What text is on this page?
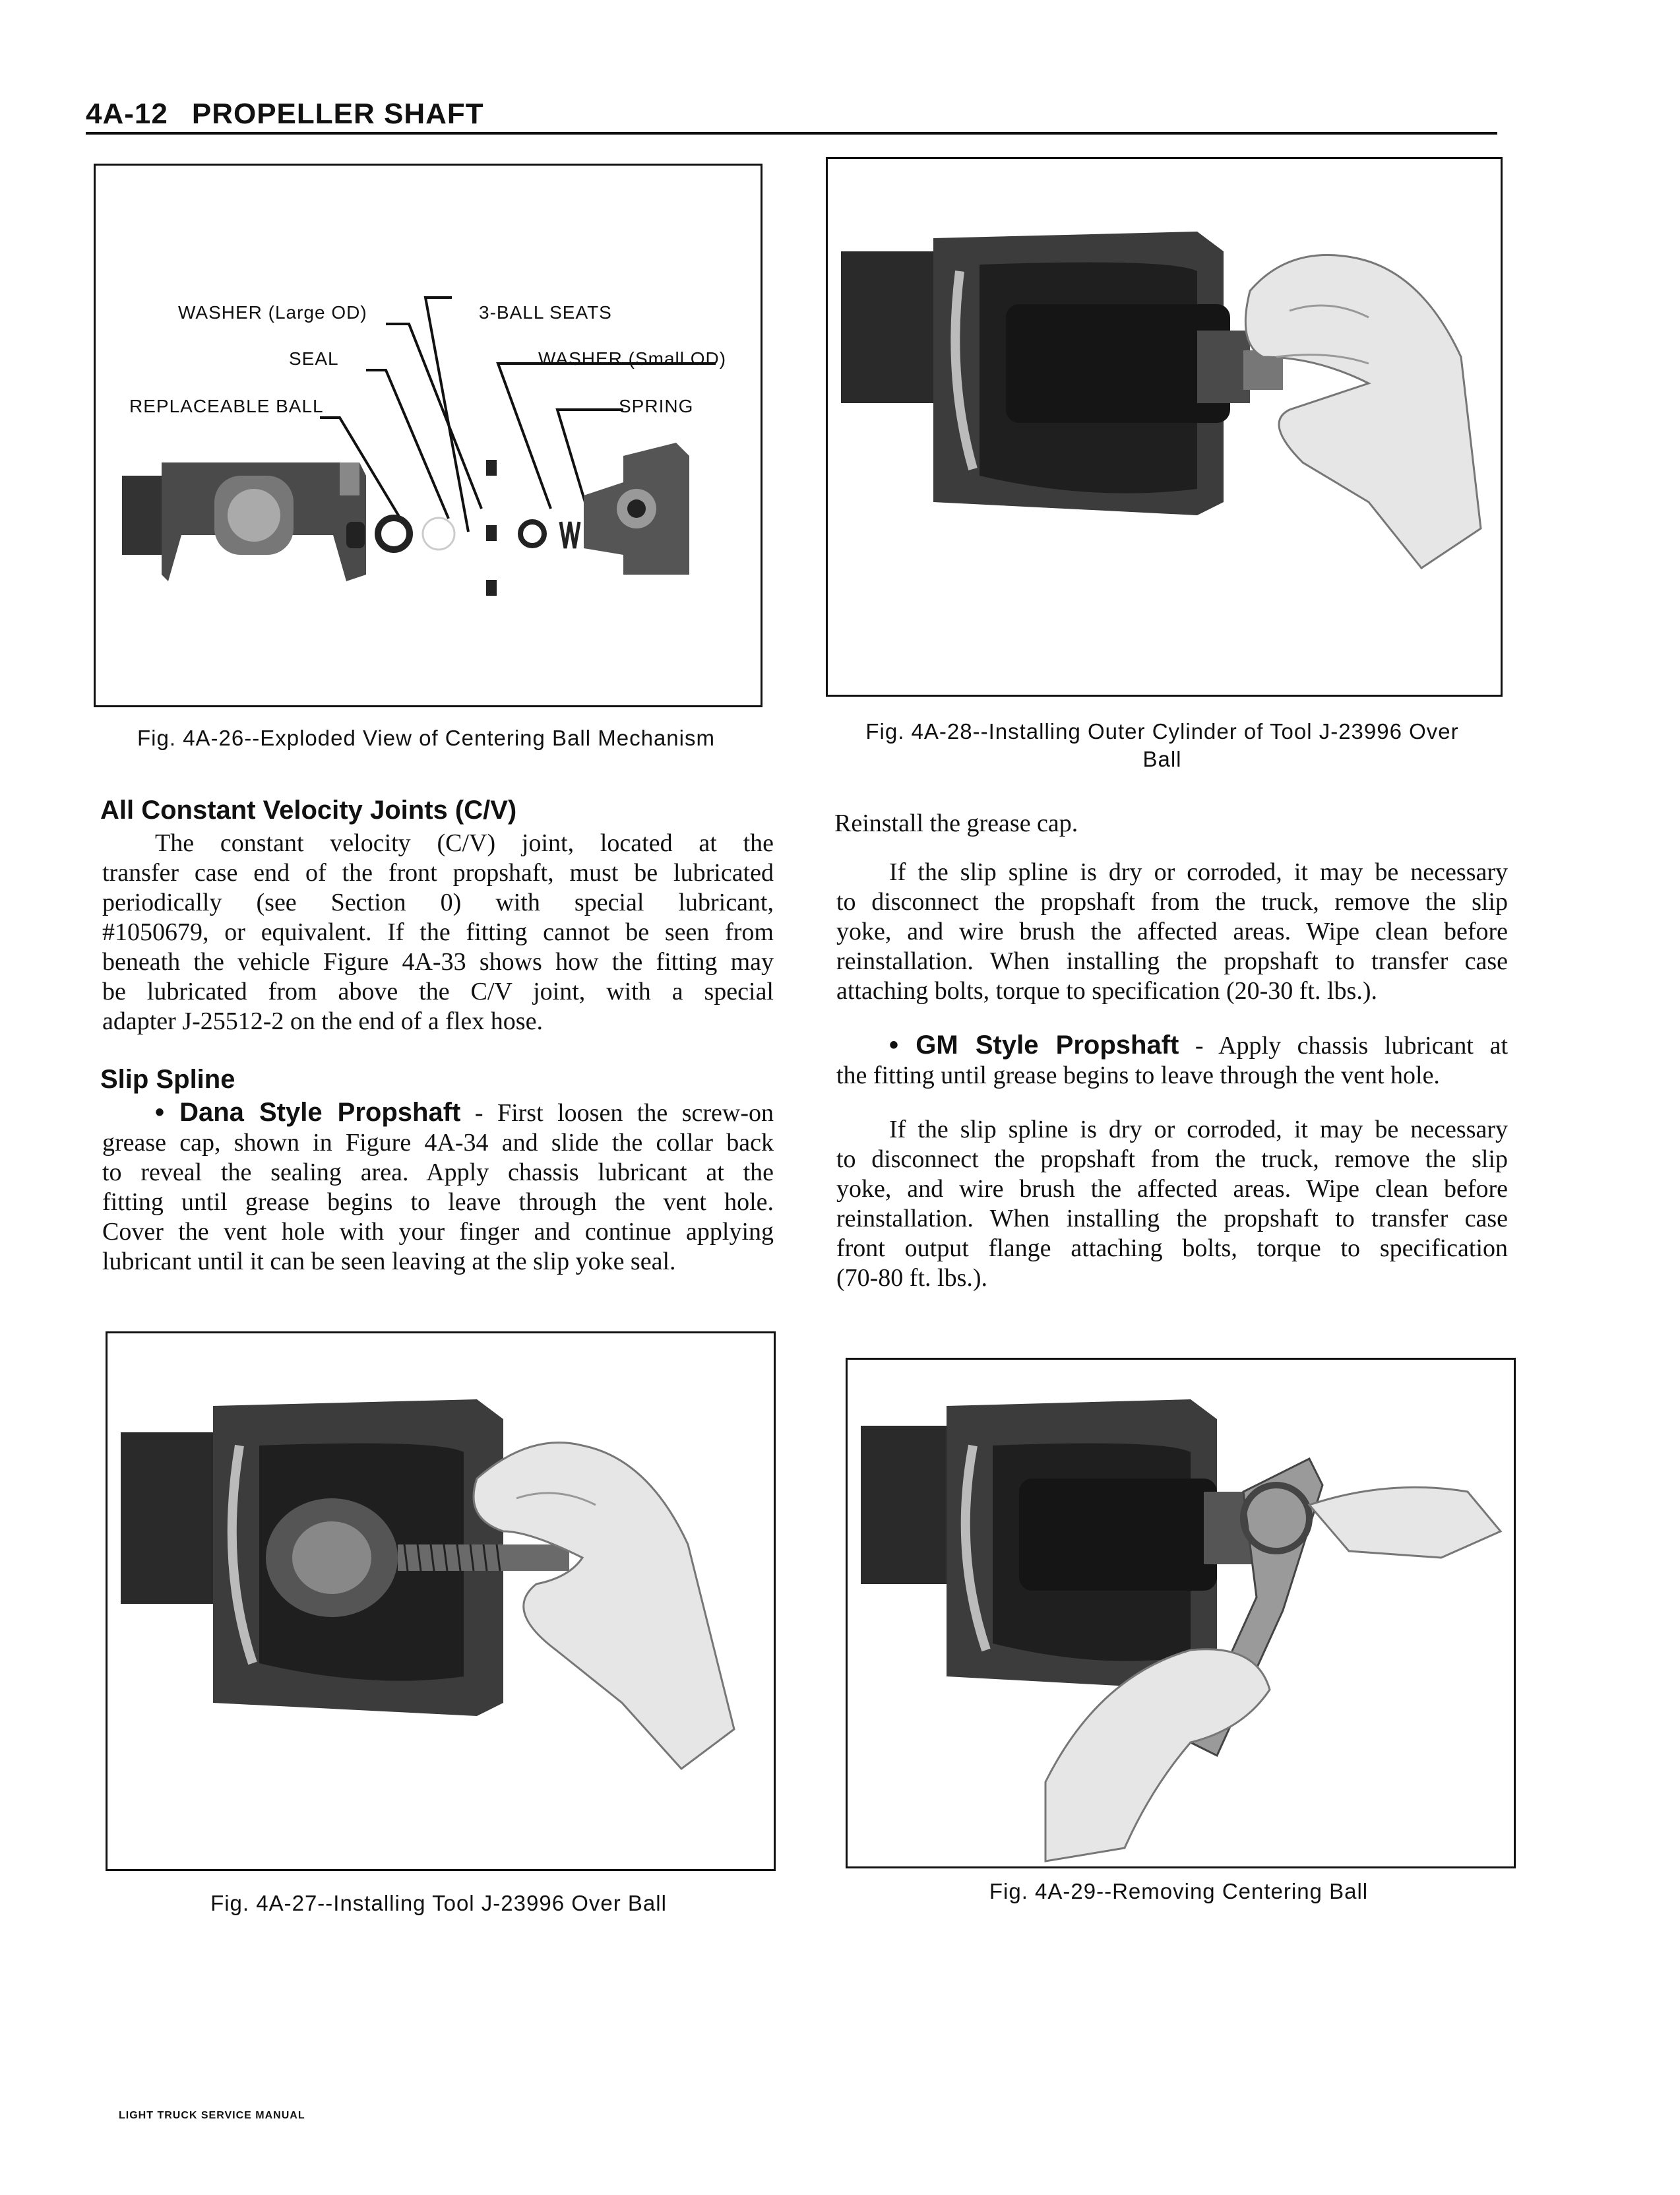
4A-12 PROPELLER SHAFT
WASHER (Large OD)
SEAL
REPLACEABLE BALL
3-BALL SEATS
WASHER (Small OD)
SPRING
Fig. 4A-26--Exploded View of Centering Ball Mechanism	Fig. 4A-28--Installing Outer Cylinder of Tool J-23996 Over
Ball
All Constant Velocity Joints (C/V)
The constant velocity (C/V) joint, located at the
transfer case end of the front propshaft, must be lubricated
periodically (see Section 0) with special lubricant,
#1050679, or equivalent. If the fitting cannot be seen from
beneath the vehicle Figure 4A-33 shows how the fitting may
be lubricated from above the C/V joint, with a special
adapter J-25512-2 on the end of a flex hose.
Slip Spline
• Dana Style Propshaft - First loosen the screw-on
grease cap, shown in Figure 4A-34 and slide the collar back
to reveal the sealing area. Apply chassis lubricant at the
fitting until grease begins to leave through the vent hole.
Cover the vent hole with your finger and continue applying
lubricant until it can be seen leaving at the slip yoke seal.
Reinstall the grease cap.
If the slip spline is dry or corroded, it may be necessary
to disconnect the propshaft from the truck, remove the slip
yoke, and wire brush the affected areas. Wipe clean before
reinstallation. When installing the propshaft to transfer case
attaching bolts, torque to specification (20-30 ft. lbs.).
• GM Style Propshaft - Apply chassis lubricant at
the fitting until grease begins to leave through the vent hole.
If the slip spline is dry or corroded, it may be necessary
to disconnect the propshaft from the truck, remove the slip
yoke, and wire brush the affected areas. Wipe clean before
reinstallation. When installing the propshaft to transfer case
front output flange attaching bolts, torque to specification
(70-80 ft. lbs.).
Fig. 4A-27--Installing Tool J-23996 Over Ball	Fig. 4A-29--Removing Centering Ball
LIGHT TRUCK SERVICE MANUAL
